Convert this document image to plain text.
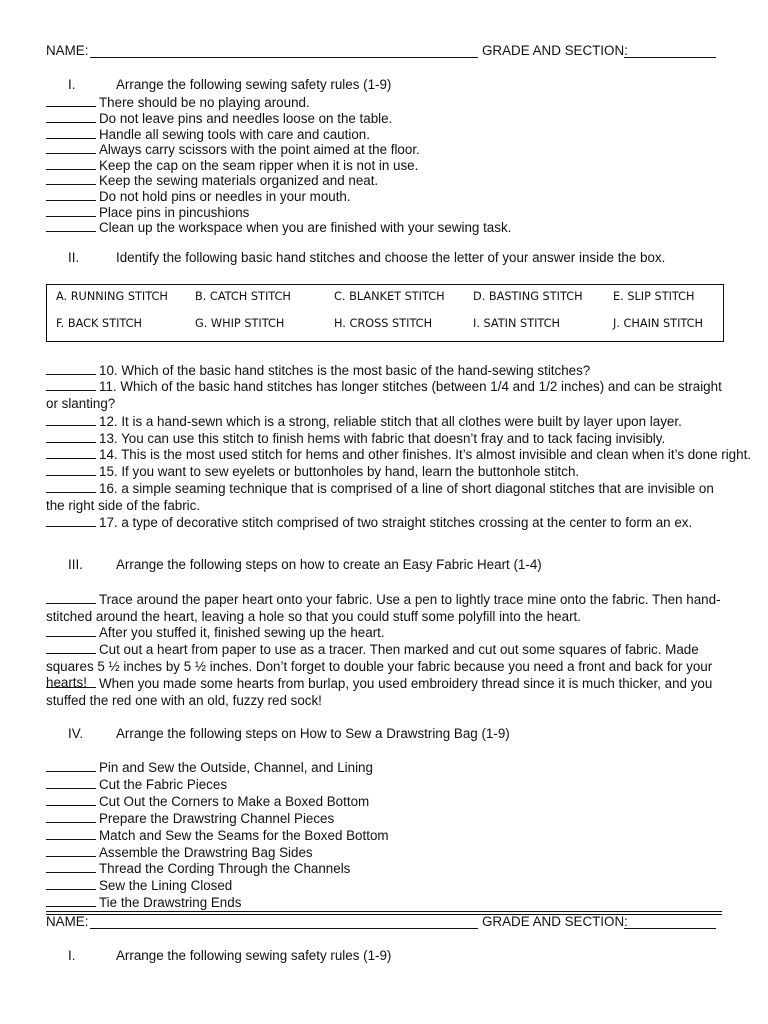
NAME:	GRADE AND SECTION:
I.	Arrange the following sewing safety rules (1-9)
There should be no playing around.
Do not leave pins and needles loose on the table.
Handle all sewing tools with care and caution.
Always carry scissors with the point aimed at the floor.
Keep the cap on the seam ripper when it is not in use.
Keep the sewing materials organized and neat.
Do not hold pins or needles in your mouth.
Place pins in pincushions
Clean up the workspace when you are finished with your sewing task.
II.	Identify the following basic hand stitches and choose the letter of your answer inside the box.
A. RUNNING STITCH B. CATCH STITCH	C. BLANKET STITCH	D. BASTING STITCH	E. SLIP STITCH
F. BACK STITCH	G. WHIP STITCH	H. CROSS STITCH	I. SATIN STITCH	J. CHAIN STITCH
10. Which of the basic hand stitches is the most basic of the hand-sewing stitches?
11. Which of the basic hand stitches has longer stitches (between 1/4 and 1/2 inches) and can be straight or slanting?
12. It is a hand-sewn which is a strong, reliable stitch that all clothes were built by layer upon layer.
13. You can use this stitch to finish hems with fabric that doesn’t fray and to tack facing invisibly.
14. This is the most used stitch for hems and other finishes. It’s almost invisible and clean when it’s done right.
15. If you want to sew eyelets or buttonholes by hand, learn the buttonhole stitch.
16. a simple seaming technique that is comprised of a line of short diagonal stitches that are invisible on the right side of the fabric.
17. a type of decorative stitch comprised of two straight stitches crossing at the center to form an ex.
III. Arrange the following steps on how to create an Easy Fabric Heart (1-4)
Trace around the paper heart onto your fabric. Use a pen to lightly trace mine onto the fabric. Then hand-stitched around the heart, leaving a hole so that you could stuff some polyfill into the heart.
After you stuffed it, finished sewing up the heart.
Cut out a heart from paper to use as a tracer. Then marked and cut out some squares of fabric. Made squares 5 ½ inches by 5 ½ inches. Don’t forget to double your fabric because you need a front and back for your hearts! When you made some hearts from burlap, you used embroidery thread since it is much thicker, and you stuffed the red one with an old, fuzzy red sock!
IV. Arrange the following steps on How to Sew a Drawstring Bag (1-9)
Pin and Sew the Outside, Channel, and Lining
Cut the Fabric Pieces
Cut Out the Corners to Make a Boxed Bottom
Prepare the Drawstring Channel Pieces
Match and Sew the Seams for the Boxed Bottom
Assemble the Drawstring Bag Sides
Thread the Cording Through the Channels
Sew the Lining Closed
Tie the Drawstring Ends
NAME:	GRADE AND SECTION:
I.	Arrange the following sewing safety rules (1-9)
